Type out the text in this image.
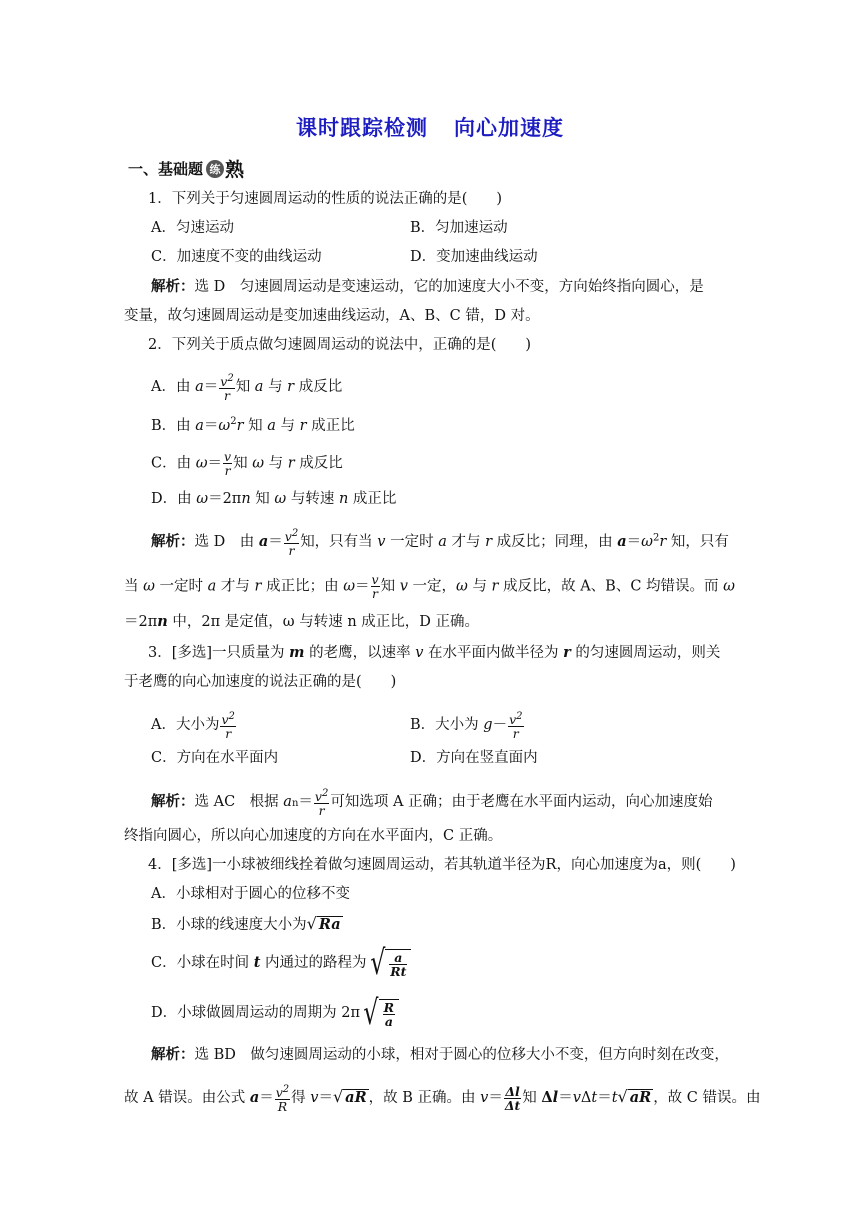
课时跟踪检测 向心加速度
一、基础题 练 熟
1．下列关于匀速圆周运动的性质的说法正确的是(　　)
A．匀速运动	B．匀加速运动
C．加速度不变的曲线运动	D．变加速曲线运动
解析：选 D　匀速圆周运动是变速运动，它的加速度大小不变，方向始终指向圆心，是
变量，故匀速圆周运动是变加速曲线运动，A、B、C 错，D 对。
2．下列关于质点做匀速圆周运动的说法中，正确的是(　　)
A．由 $a= \frac{v^2}{r}$ 知 a 与 r 成反比
B．由 $a=\omega^2r$ 知 a 与 r 成正比
C．由 $\omega= \frac{v}{r}$ 知 ω 与 r 成反比
D．由 ω＝2πn 知 ω 与转速 n 成正比
解析：选 D　由 $a= \frac{v^2}{r}$ 知，只有当 v 一定时 a 才与 r 成反比；同理，由 $a=\omega^2r$ 知，只有
当 ω 一定时 a 才与 r 成正比；由 $\omega= \frac{v}{r}$ 知 v 一定，ω 与 r 成反比，故 A、B、C 均错误。而 ω
＝2πn 中，2π 是定值，ω 与转速 n 成正比，D 正确。
3．[多选]一只质量为 m 的老鹰，以速率 v 在水平面内做半径为 r 的匀速圆周运动，则关
于老鹰的向心加速度的说法正确的是(　　)
A．大小为 $\frac{v^2}{r}$	B．大小为 $g- \frac{v^2}{r}$
C．方向在水平面内	D．方向在竖直面内
解析：选 AC　根据 $an= \frac{v^2}{r}$ 可知选项 A 正确；由于老鹰在水平面内运动，向心加速度始
终指向圆心，所以向心加速度的方向在水平面内，C 正确。
4．[多选]一小球被细线拴着做匀速圆周运动，若其轨道半径为R，向心加速度为a，则(　　)
A．小球相对于圆心的位移不变
B．小球的线速度大小为√ Ra
C．小球在时间
t
内通过的路程为 √ $\frac{a}{Rt}$
D．小球做圆周运动的周期为 2π √ $\frac{R}{a}$
解析：选 BD　做匀速圆周运动的小球，相对于圆心的位移大小不变，但方向时刻在改变，
故 A 错误。由公式 $a= \frac{v^2}{R}$ 得 v＝√ aR ，故 B 正确。由 $v= \frac{\Delta l}{\Delta t}$ 知 Δl＝vΔt＝t√ aR ，故 C 错误。由
